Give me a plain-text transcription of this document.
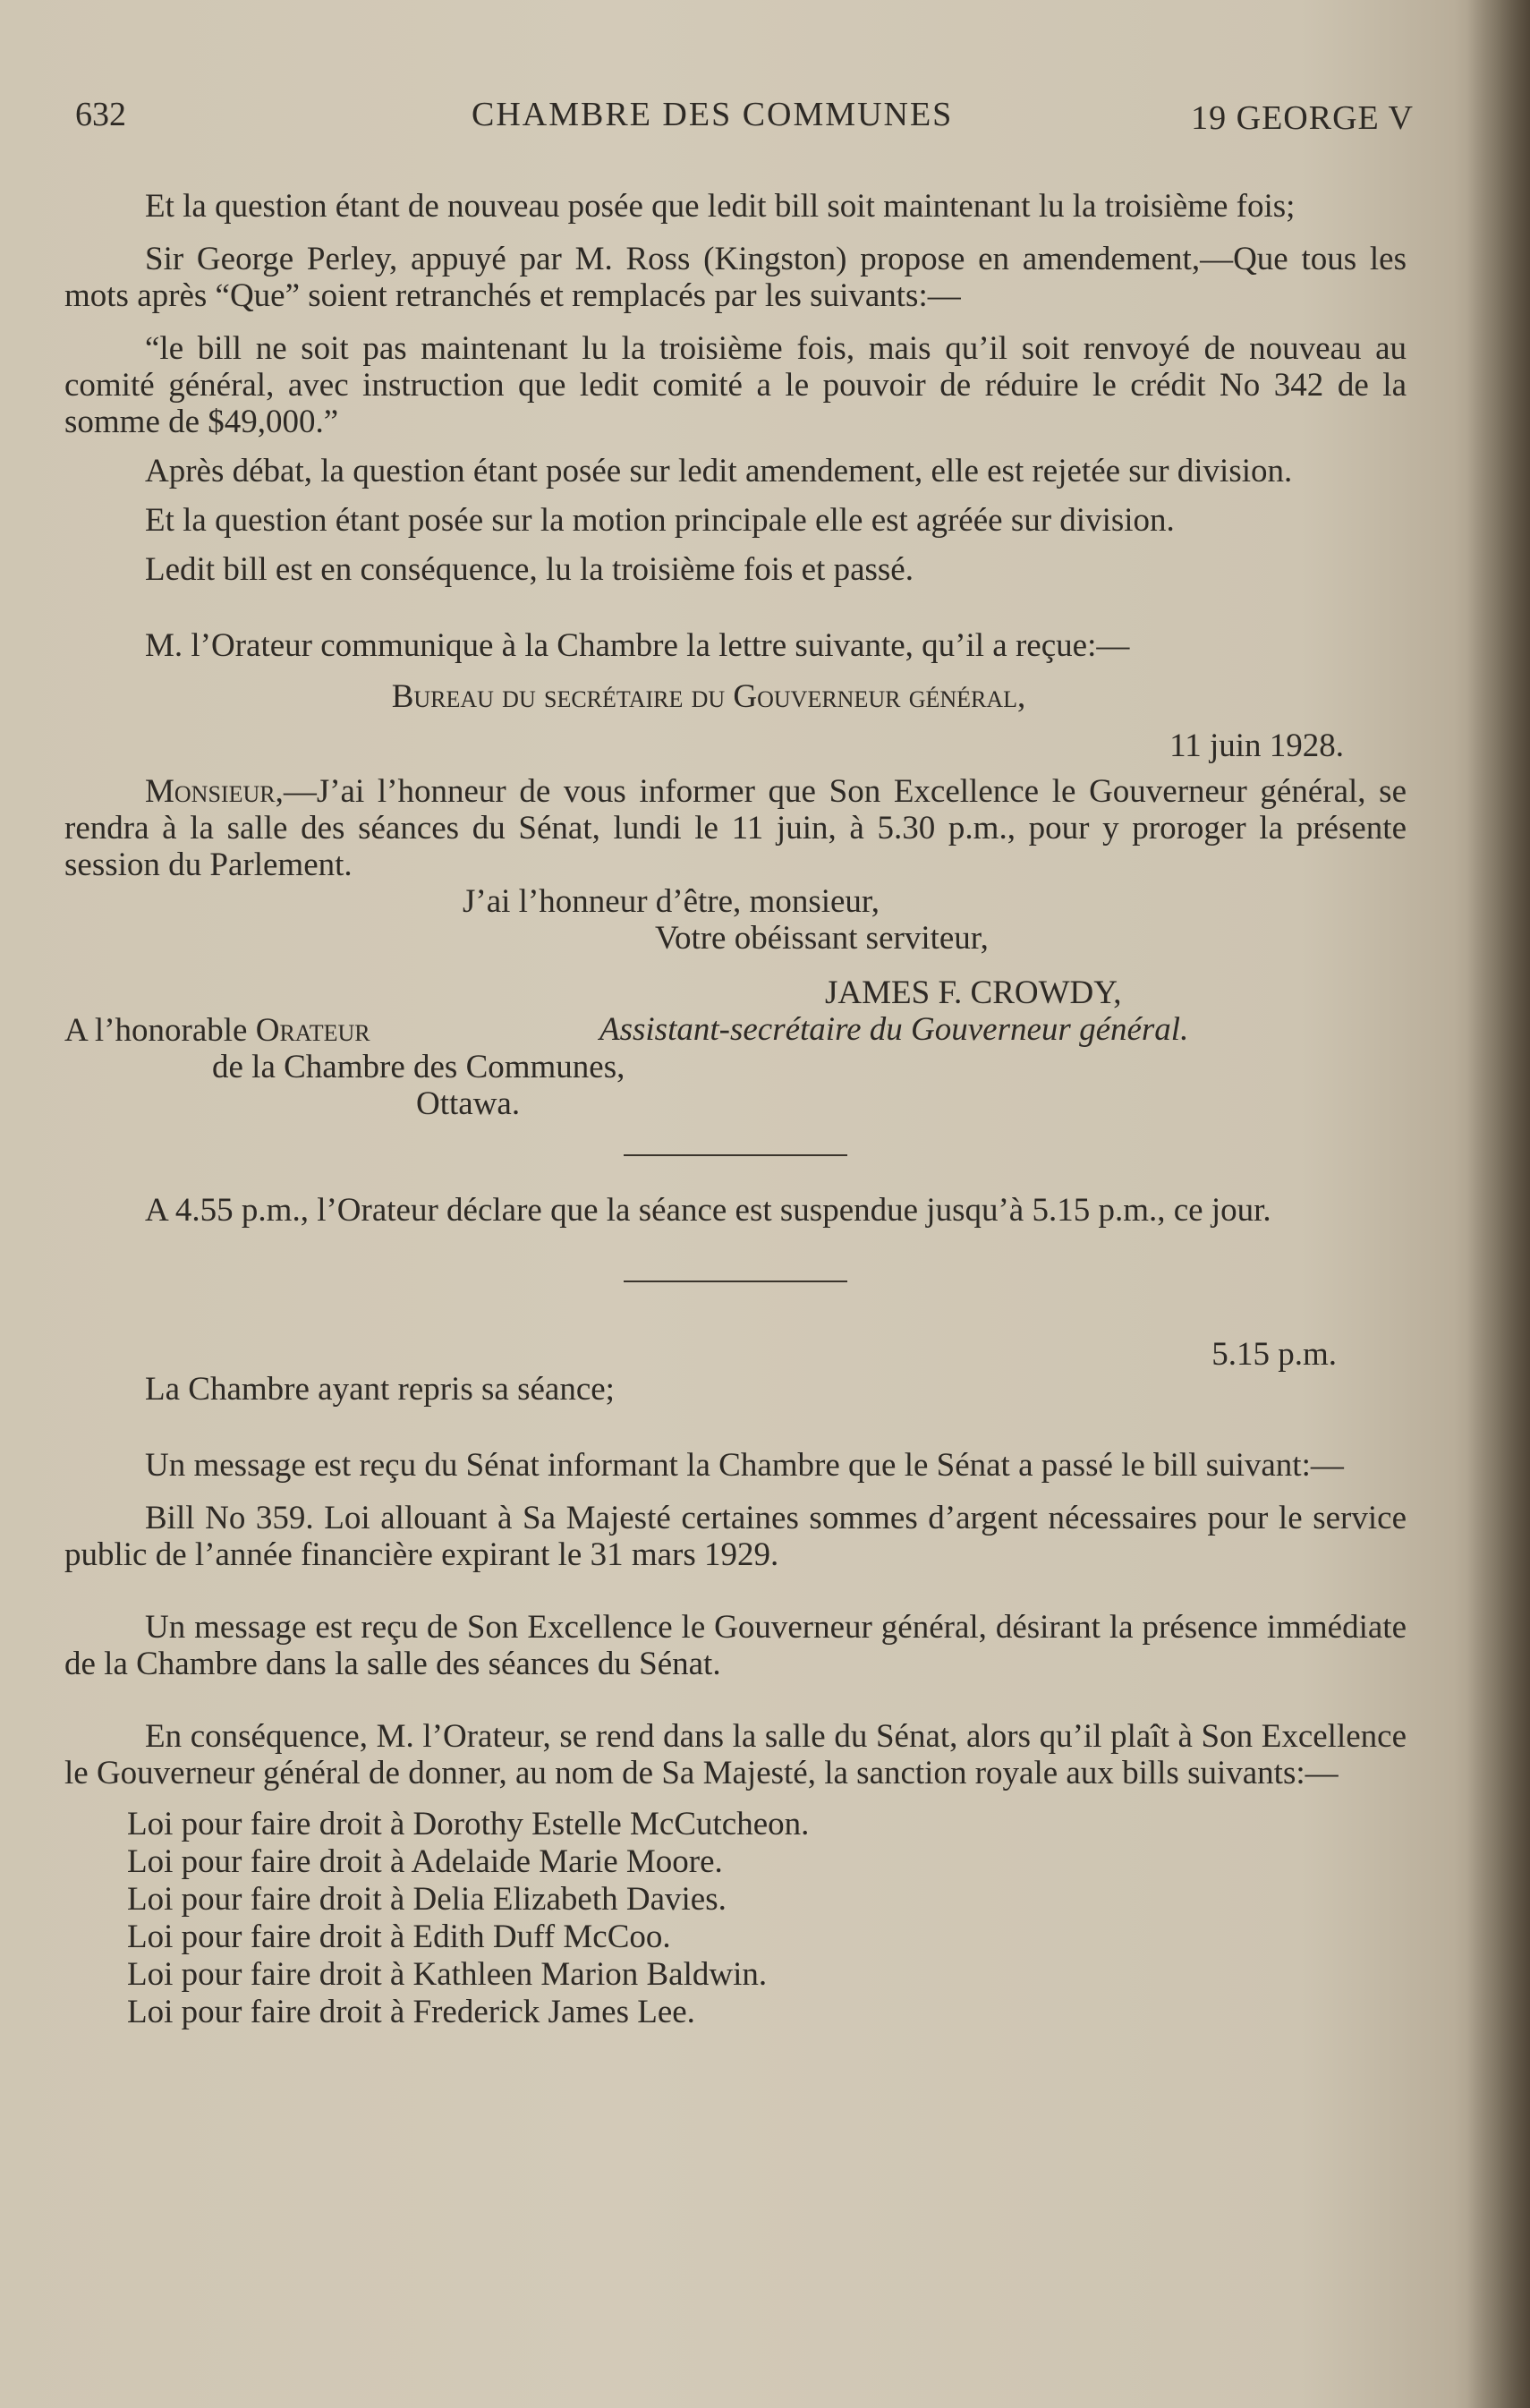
632	CHAMBRE DES COMMUNES	19 GEORGE V

Et la question étant de nouveau posée que ledit bill soit maintenant lu la troisième fois;

Sir George Perley, appuyé par M. Ross (Kingston) propose en amendement,—Que tous les mots après “Que” soient retranchés et remplacés par les suivants:—

“le bill ne soit pas maintenant lu la troisième fois, mais qu’il soit renvoyé de nouveau au comité général, avec instruction que ledit comité a le pouvoir de réduire le crédit No 342 de la somme de $49,000.”

Après débat, la question étant posée sur ledit amendement, elle est rejetée sur division.

Et la question étant posée sur la motion principale elle est agréée sur division.

Ledit bill est en conséquence, lu la troisième fois et passé.

M. l’Orateur communique à la Chambre la lettre suivante, qu’il a reçue:—

Bureau du secrétaire du Gouverneur général,

11 juin 1928.

Monsieur,—J’ai l’honneur de vous informer que Son Excellence le Gouverneur général, se rendra à la salle des séances du Sénat, lundi le 11 juin, à 5.30 p.m., pour y proroger la présente session du Parlement.

J’ai l’honneur d’être, monsieur,

Votre obéissant serviteur,

JAMES F. CROWDY,

Assistant-secrétaire du Gouverneur général.

A l’honorable Orateur

de la Chambre des Communes,

Ottawa.

A 4.55 p.m., l’Orateur déclare que la séance est suspendue jusqu’à 5.15 p.m., ce jour.

5.15 p.m.

La Chambre ayant repris sa séance;

Un message est reçu du Sénat informant la Chambre que le Sénat a passé le bill suivant:—

Bill No 359. Loi allouant à Sa Majesté certaines sommes d’argent nécessaires pour le service public de l’année financière expirant le 31 mars 1929.

Un message est reçu de Son Excellence le Gouverneur général, désirant la présence immédiate de la Chambre dans la salle des séances du Sénat.

En conséquence, M. l’Orateur, se rend dans la salle du Sénat, alors qu’il plaît à Son Excellence le Gouverneur général de donner, au nom de Sa Majesté, la sanction royale aux bills suivants:—

Loi pour faire droit à Dorothy Estelle McCutcheon.
Loi pour faire droit à Adelaide Marie Moore.
Loi pour faire droit à Delia Elizabeth Davies.
Loi pour faire droit à Edith Duff McCoo.
Loi pour faire droit à Kathleen Marion Baldwin.
Loi pour faire droit à Frederick James Lee.
